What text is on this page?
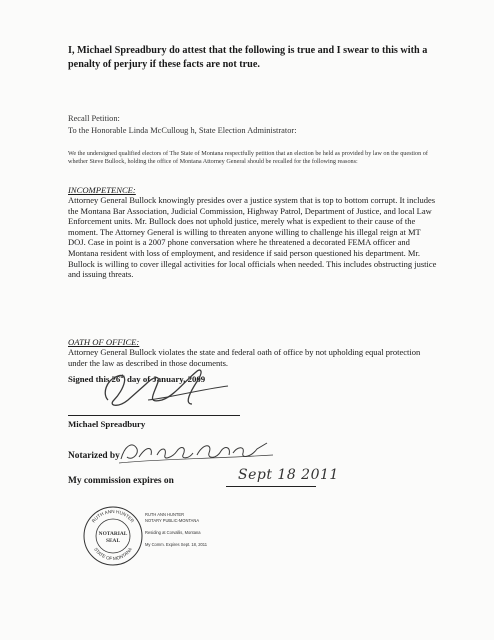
I, Michael Spreadbury do attest that the following is true and I swear to this with a penalty of perjury if these facts are not true.
Recall Petition:
To the Honorable Linda McCulloug h, State Election Administrator:
We the undersigned qualified electors of The State of Montana respectfully petition that an election be held as provided by law on the question of whether Steve Bullock, holding the office of Montana Attorney General should be recalled for the following reasons:
INCOMPETENCE:
Attorney General Bullock knowingly presides over a justice system that is top to bottom corrupt. It includes the Montana Bar Association, Judicial Commission, Highway Patrol, Department of Justice, and local Law Enforcement units. Mr. Bullock does not uphold justice, merely what is expedient to their cause of the moment. The Attorney General is willing to threaten anyone willing to challenge his illegal reign at MT DOJ. Case in point is a 2007 phone conversation where he threatened a decorated FEMA officer and Montana resident with loss of employment, and residence if said person questioned his department. Mr. Bullock is willing to cover illegal activities for local officials when needed. This includes obstructing justice and issuing threats.
OATH OF OFFICE:
Attorney General Bullock violates the state and federal oath of office by not upholding equal protection under the law as described in those documents.
Signed this 26th day of January, 2009
Michael Spreadbury
Notarized by
My commission expires on	Sept 18 2011
RUTH ANN HUNTER
STATE OF MONTANA
NOTARIAL
SEAL
RUTH ANN HUNTER
NOTARY PUBLIC-MONTANA
Residing at Corvallis, Montana
My Comm. Expires Sept. 18, 2011
